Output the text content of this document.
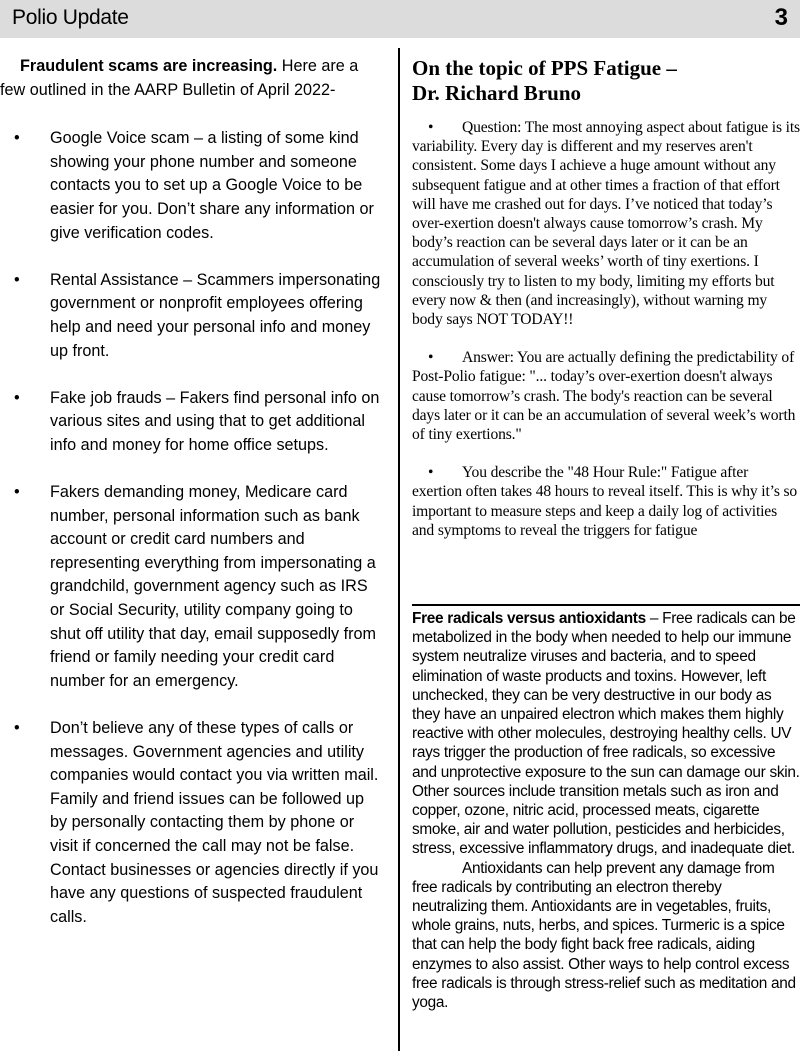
Polio Update	3

Fraudulent scams are increasing. Here are a few outlined in the AARP Bulletin of April 2022-

• Google Voice scam – a listing of some kind showing your phone number and someone contacts you to set up a Google Voice to be easier for you. Don’t share any information or give verification codes.
• Rental Assistance – Scammers impersonating government or nonprofit employees offering help and need your personal info and money up front.
• Fake job frauds – Fakers find personal info on various sites and using that to get additional info and money for home office setups.
• Fakers demanding money, Medicare card number, personal information such as bank account or credit card numbers and representing everything from impersonating a grandchild, government agency such as IRS or Social Security, utility company going to shut off utility that day, email supposedly from friend or family needing your credit card number for an emergency.
• Don’t believe any of these types of calls or messages. Government agencies and utility companies would contact you via written mail. Family and friend issues can be followed up by personally contacting them by phone or visit if concerned the call may not be false. Contact businesses or agencies directly if you have any questions of suspected fraudulent calls.
On the topic of PPS Fatigue –
Dr. Richard Bruno

• Question: The most annoying aspect about fatigue is its variability. Every day is different and my reserves aren't consistent. Some days I achieve a huge amount without any subsequent fatigue and at other times a fraction of that effort will have me crashed out for days. I’ve noticed that today’s over-exertion doesn't always cause tomorrow’s crash. My body’s reaction can be several days later or it can be an accumulation of several weeks’ worth of tiny exertions. I consciously try to listen to my body, limiting my efforts but every now & then (and increasingly), without warning my body says NOT TODAY!!

• Answer: You are actually defining the predictability of Post-Polio fatigue: "... today’s over-exertion doesn't always cause tomorrow’s crash. The body's reaction can be several days later or it can be an accumulation of several week’s worth of tiny exertions."

• You describe the "48 Hour Rule:" Fatigue after exertion often takes 48 hours to reveal itself. This is why it’s so important to measure steps and keep a daily log of activities and symptoms to reveal the triggers for fatigue

Free radicals versus antioxidants – Free radicals can be metabolized in the body when needed to help our immune system neutralize viruses and bacteria, and to speed elimination of waste products and toxins. However, left unchecked, they can be very destructive in our body as they have an unpaired electron which makes them highly reactive with other molecules, destroying healthy cells. UV rays trigger the production of free radicals, so excessive and unprotective exposure to the sun can damage our skin. Other sources include transition metals such as iron and copper, ozone, nitric acid, processed meats, cigarette smoke, air and water pollution, pesticides and herbicides, stress, excessive inflammatory drugs, and inadequate diet.

Antioxidants can help prevent any damage from free radicals by contributing an electron thereby neutralizing them. Antioxidants are in vegetables, fruits, whole grains, nuts, herbs, and spices. Turmeric is a spice that can help the body fight back free radicals, aiding enzymes to also assist. Other ways to help control excess free radicals is through stress-relief such as meditation and yoga.
